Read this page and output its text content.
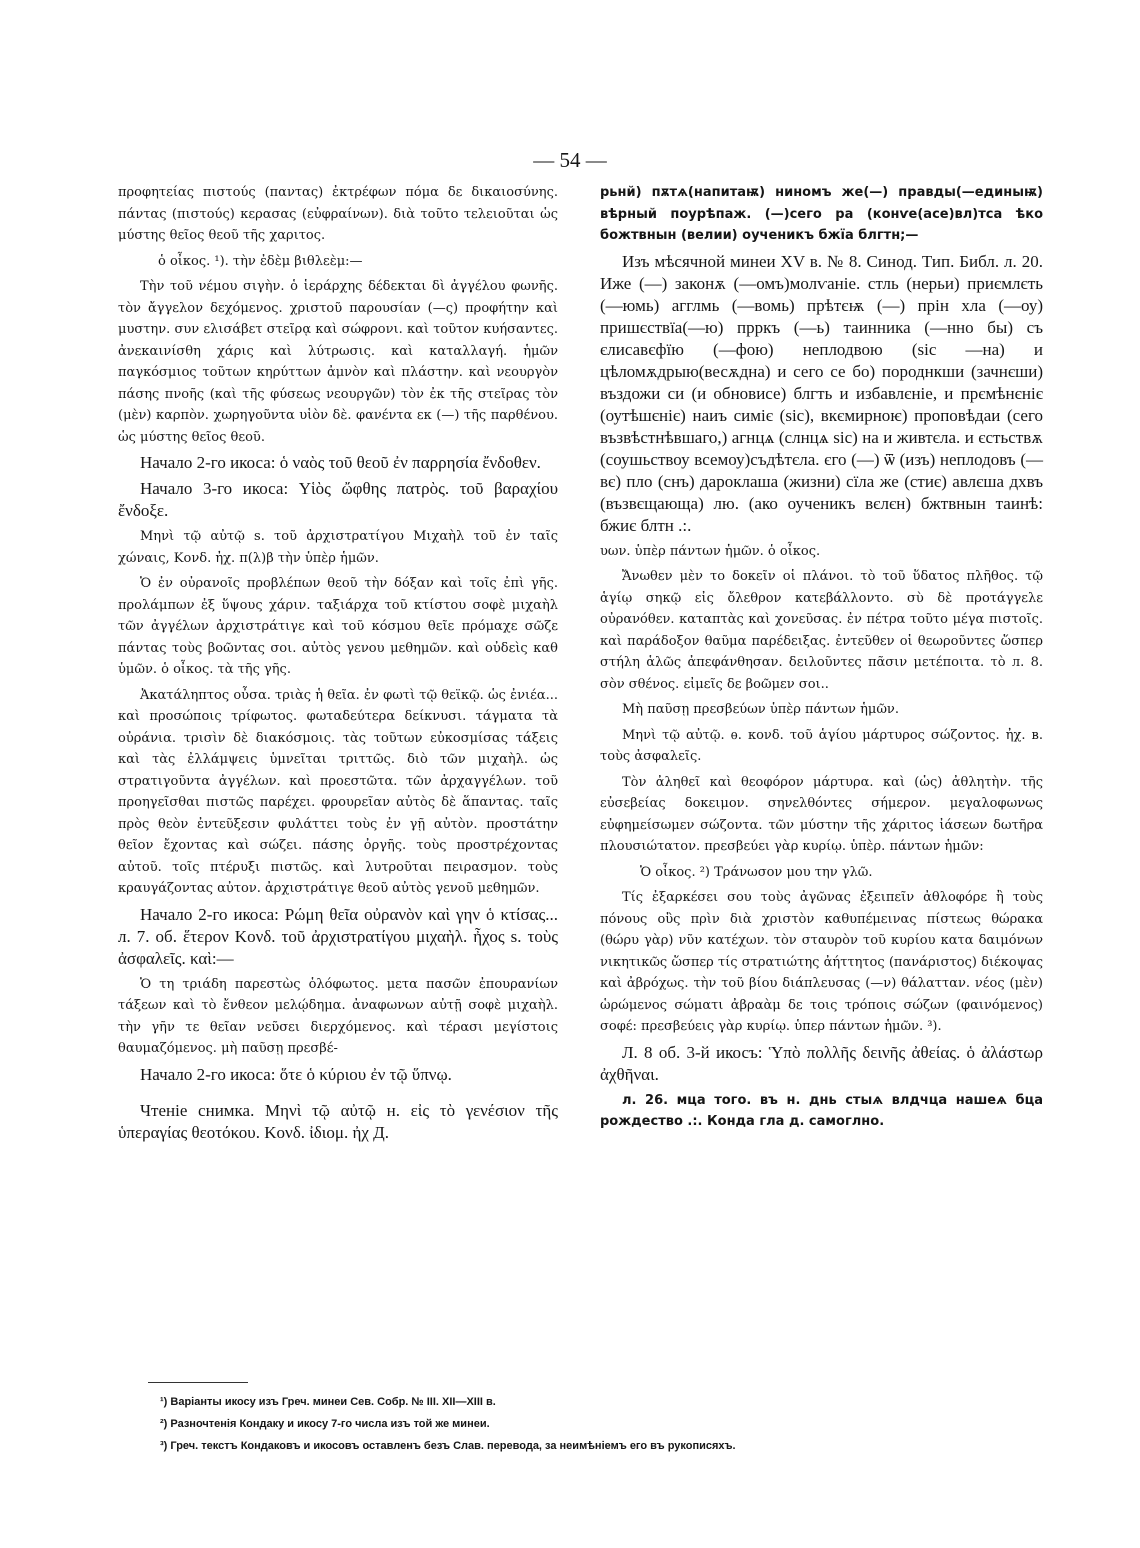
— 54 —
προφητείας πιστούς (παντας) ἐκτρέφων πόμα δε δικαιοσύνης. πάντας (πιστούς) κερασας (εὐφραίνων). διὰ τοῦτο τελειοῦται ὡς μύστης θεῖος θεοῦ τῆς χαριτος.
ὁ οἶκος. ¹). τὴν ἐδὲμ βιθλεὲμ:—
Τὴν τοῦ νέμου σιγὴν. ὁ ἱεράρχης δέδεκται δὶ ἀγγέλου φωνῆς. τὸν ἄγγελον δεχόμενος. χριστοῦ παρουσίαν (—ς) προφήτην καὶ μυστην. συν ελισάβετ στεῖρᾳ καὶ σώφρονι. καὶ τοῦτον κυήσαντες. ἀνεκαινίσθη χάρις καὶ λύτρωσις. καὶ καταλλαγή. ἡμῶν παγκόσμιος τοῦτων κηρύττων ἀμνὸν καὶ πλάστην. καὶ νεουργὸν πάσης πνοῆς (καὶ τῆς φύσεως νεουργῶν) τὸν ἐκ τῆς στεῖρας τὸν (μὲν) καρπὸν. χωρηγοῦντα υἱὸν δὲ. φανέντα εκ (—) τῆς παρθένου. ὡς μύστης θεῖος θεοῦ.
Начало 2-го икоса: ὁ ναὸς τοῦ θεοῦ ἐν παρρησία ἔνδοθεν.
Начало 3-го икоса: Υἱὸς ὤφθης πατρὸς. τοῦ βαραχίου ἔνδοξε.
Μηνὶ τῷ αὐτῷ ѕ. τοῦ ἀρχιστρατίγου Μιχαὴλ τοῦ ἐν ταῖς χώναις, Κονδ. ἠχ. π(λ)β τὴν ὑπὲρ ἡμῶν.
Ὁ ἐν οὐρανοῖς προβλέπων θεοῦ τὴν δόξαν καὶ τοῖς ἐπὶ γῆς. προλάμπων ἐξ ὕψους χάριν. ταξιάρχα τοῦ κτίστου σοφὲ μιχαὴλ τῶν ἀγγέλων ἀρχιστράτιγε καὶ τοῦ κόσμου θεῖε πρόμαχε σῶζε πάντας τοὺς βοῶντας σοι. αὐτὸς γενου μεθημῶν. καὶ οὐδεὶς καθ ὑμῶν. ὁ οἶκος. τὰ τῆς γῆς.
Ἀκατάληπτος οὖσα. τριὰς ἡ θεῖα. ἐν φωτὶ τῷ θεϊκῷ. ὡς ἐνιέα... καὶ προσώποις τρίφωτος. φωταδεύτερα δείκνυσι. τάγματα τὰ οὐράνια. τρισὶν δὲ διακόσμοις. τὰς τοῦτων εὐκοσμίσας τάξεις καὶ τὰς ἐλλάμψεις ὑμνεῖται τριττῶς. διὸ τῶν μιχαὴλ. ὡς στρατιγοῦντα ἀγγέλων. καὶ προεστῶτα. τῶν ἀρχαγγέλων. τοῦ προηγεῖσθαι πιστῶς παρέχει. φρουρεῖαν αὐτὸς δὲ ἅπαντας. ταῖς πρὸς θεὸν ἐντεῦξεσιν φυλάττει τοὺς ἐν γῇ αὐτὸν. προστάτην θεῖον ἔχοντας καὶ σώζει. πάσης ὀργῆς. τοὺς προστρέχοντας αὐτοῦ. τοῖς πτέρυξι πιστῶς. καὶ λυτροῦται πειρασμον. τοὺς κραυγάζοντας αὐτον. ἀρχιστράτιγε θεοῦ αὐτὸς γενοῦ μεθημῶν.
Начало 2-го икоса: Ρώμη θεῖα οὐρανὸν καὶ γην ὁ κτίσας... л. 7. об. ἕτερον Κονδ. τοῦ ἀρχιστρατίγου μιχαὴλ. ἦχος ѕ. τοὺς ἀσφαλεῖς. καὶ:—
Ὁ τη τριάδη παρεστὼς ὁλόφωτος. μετα πασῶν ἐπουρανίων τάξεων καὶ τὸ ἔνθεον μελῴδημα. ἀναφωνων αὐτῇ σοφὲ μιχαὴλ. τὴν γῆν τε θεῖαν νεῦσει διερχόμενος. καὶ τέρασι μεγίστοις θαυμαζόμενος. μὴ παῦσῃ πρεσβέ-
Начало 2-го икоса: ὅτε ὁ κύριου ἐν τῷ ὕπνῳ.
Чтеніе снимка. Μηνὶ τῷ αὐτῷ н. εἰς τὸ γενέσιον τῆς ὑπεραγίας θεοτόκου. Κονδ. ἰδιομ. ἠχ Д.
рьнй) пѫтѧ(напитаѭ) ниномъ же(—) правды(—единыѭ) вѣрный поурѣпаж. (—)сего ра (конѵе(асе)вл)тса ѣко божтвнын (велии) оученикъ бжїа блгтн;—
Изъ мѣсячной минеи XV в. № 8. Синод. Тип. Библ. л. 20. Иже (—) законѫ (—омъ)молѵаніе. стль (нерьи) приємлєть (—юмь) агглмь (—вомь) прѣтєѭ (—) прін хла (—оу) пришєствїа(—ю) прркъ (—ь) таинника (—нно бы) съ єлисавєфїю (—фою) неплодвою (sic —на) и цѣломѫдрыю(весѫдна) и сего се бо) породнкши (зачнєши) въздожи си (и обновисе) блгть и избавлєніе, и прємѣнєніє (оутѣшєніє) наиъ симіє (sic), вкємирноѥ) проповѣдаи (сего възвѣстнѣвшаго,) агнцѧ (слнцѧ sic) на и живтєла. и єстьствѫ (соушьствоу всемоу)съдѣтєла. єго (—) ѿ (изъ) неплодовъ (—вє) пло (снъ) дароклаша (жизни) сїла же (стиє) авлєша дхвъ (възвєщающа) лю. (ако оученикъ вєлєн) бжтвнын таинѣ: бжиє блтн .:.
υων. ὑπὲρ πάντων ἡμῶν. ὁ οἶκος.
Ἄνωθεν μὲν το δοκεῖν οἱ πλάνοι. τὸ τοῦ ὕδατος πλῆθος. τῷ ἁγίῳ σηκῷ εἰς ὄλεθρον κατεβάλλοντο. σὺ δὲ προτάγγελε οὐρανόθεν. καταπτὰς καὶ χονεῦσας. ἐν πέτρα τοῦτο μέγα πιστοῖς. καὶ παράδοξον θαῦμα παρέδειξας. ἐντεῦθεν οἱ θεωροῦντες ὥσπερ στήλη ἁλῶς ἀπεφάνθησαν. δειλοῦντες πᾶσιν μετέποιτα. τὸ л. 8. σὸν σθένος. εἰμεῖς δε βοῶμεν σοι..
Μὴ παῦσῃ πρεσβεύων ὑπὲρ πάντων ἡμῶν.
Μηνὶ τῷ αὐτῷ. ѳ. κονδ. τοῦ ἁγίου μάρτυρος σώζοντος. ἠχ. в. τοὺς ἀσφαλεῖς.
Τὸν ἀληθεῖ καὶ θεοφόρον μάρτυρα. καὶ (ὡς) ἀθλητὴν. τῆς εὐσεβείας δοκειμον. σηνελθόντες σήμερον. μεγαλοφωνως εὐφημείσωμεν σώζοντα. τῶν μύστην τῆς χάριτος ἰάσεων δωτῆρα πλουσιώτατον. πρεσβεύει γὰρ κυρίῳ. ὑπὲρ. πάντων ἡμῶν:
Ὁ οἶκος. ²) Τράνωσον μου την γλῶ.
Τίς ἐξαρκέσει σου τοὺς ἀγῶνας ἐξειπεῖν ἀθλοφόρε ἢ τοὺς πόνους οὓς πρὶν διὰ χριστὸν καθυπέμεινας πίστεως θώρακα (θώρυ γὰρ) νῦν κατέχων. τὸν σταυρὸν τοῦ κυρίου κατα δαιμόνων νικητικῶς ὥσπερ τίς στρατιώτης ἀήττητος (πανάριστος) διέκοψας καὶ ἀβρόχως. τὴν τοῦ βίου διάπλευσας (—ν) θάλατταν. νέος (μὲν) ὡρώμενος σώματι ἀβραὰμ δε τοις τρόποις σώζων (φαινόμενος) σοφέ: πρεσβεύεις γὰρ κυρίῳ. ὑπερ πάντων ἡμῶν. ³).
Л. 8 об. 3-й икосъ: Ὑπὸ πολλῆς δεινῆς ἀθείας. ὁ ἀλάστωρ ἀχθῆναι.
л. 26. мца того. въ н. днь стыѧ влдчца нашеѧ бца рождество .:. Конда гла д. самоглно.
¹) Варіанты икосу изъ Греч. минеи Сев. Собр. № III. XII—XIII в.
²) Разночтенія Кондаку и икосу 7-го числа изъ той же минеи.
³) Греч. текстъ Кондаковъ и икосовъ оставленъ безъ Слав. перевода, за неимѣніемъ его въ рукописяхъ.
